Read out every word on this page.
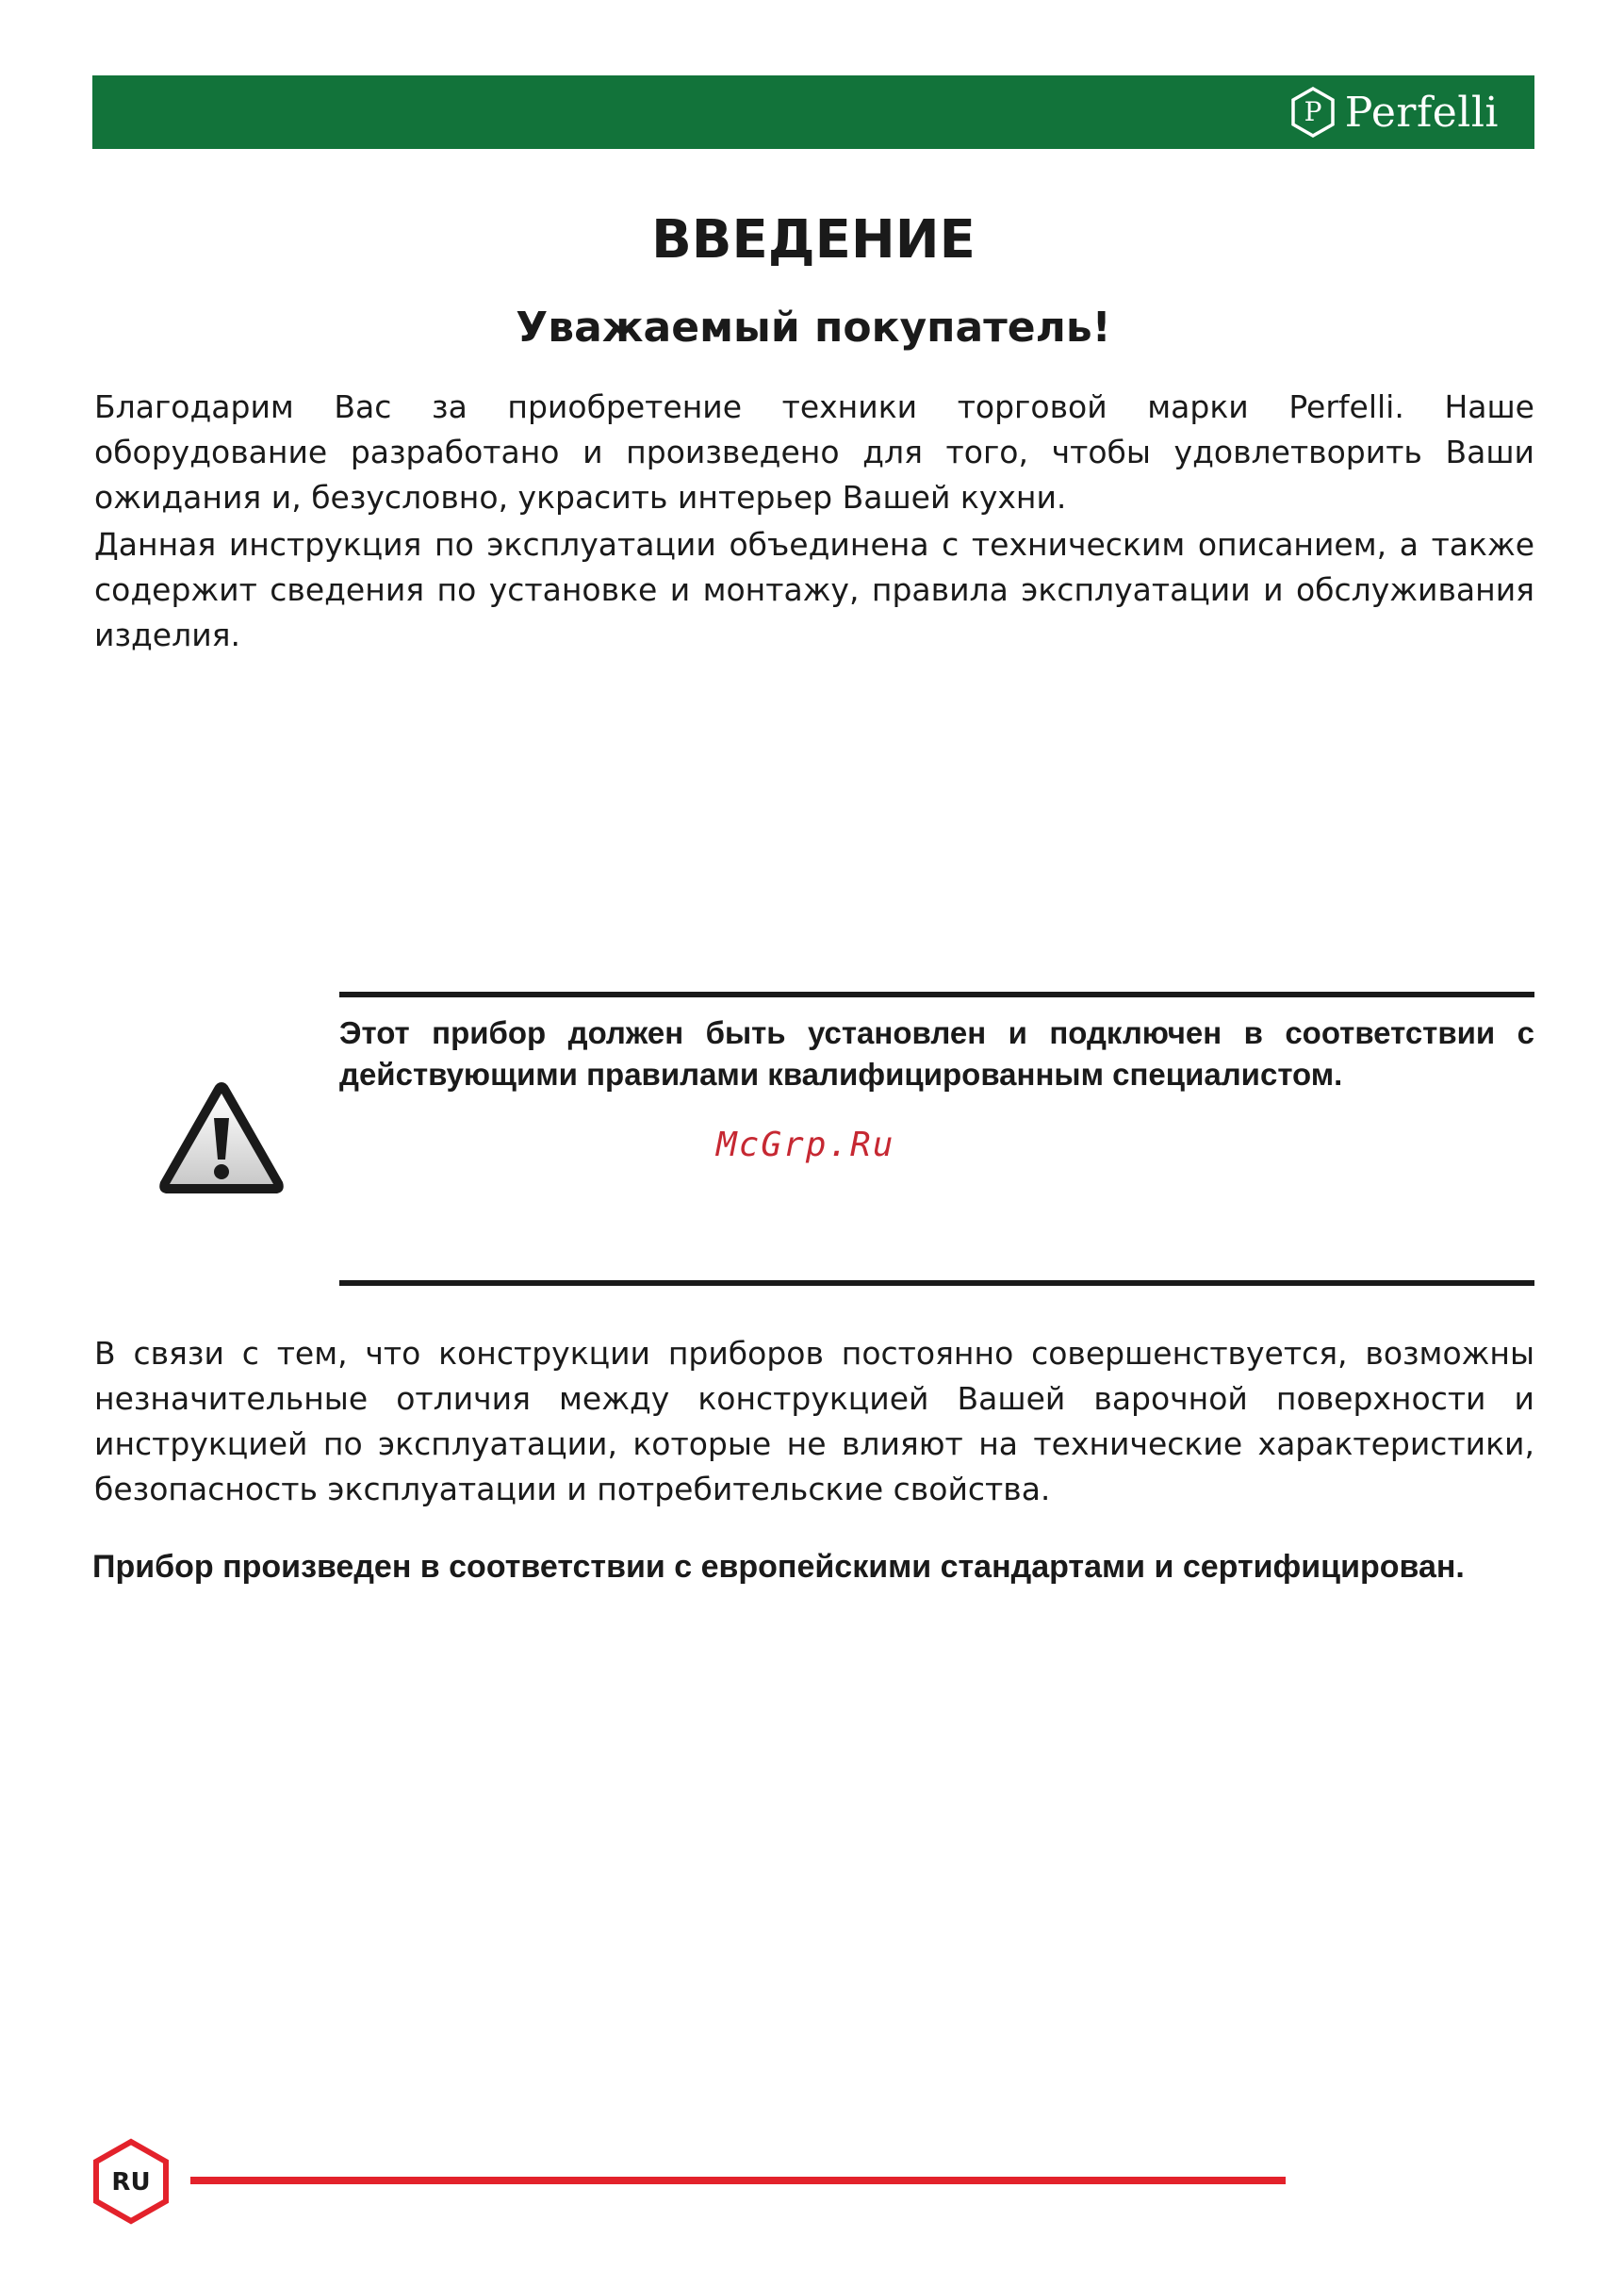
P Perfelli
ВВЕДЕНИЕ
Уважаемый покупатель!

Благодарим Вас за приобретение техники торговой марки Perfelli. Наше оборудование разработано и произведено для того, чтобы удовлетворить Ваши ожидания и, безусловно, украсить интерьер Вашей кухни.

Данная инструкция по эксплуатации объединена с техническим описанием, а также содержит сведения по установке и монтажу, правила эксплуатации и обслуживания изделия.

Этот прибор должен быть установлен и подключен в соответствии с действующими правилами квалифицированным специалистом.

McGrp.Ru

В связи с тем, что конструкции приборов постоянно совершенствуется, возможны незначительные отличия между конструкцией Вашей варочной поверхности и инструкцией по эксплуатации, которые не влияют на технические характеристики, безопасность эксплуатации и потребительские свойства.

Прибор произведен в соответствии с европейскими стандартами и сертифицирован.

RU
